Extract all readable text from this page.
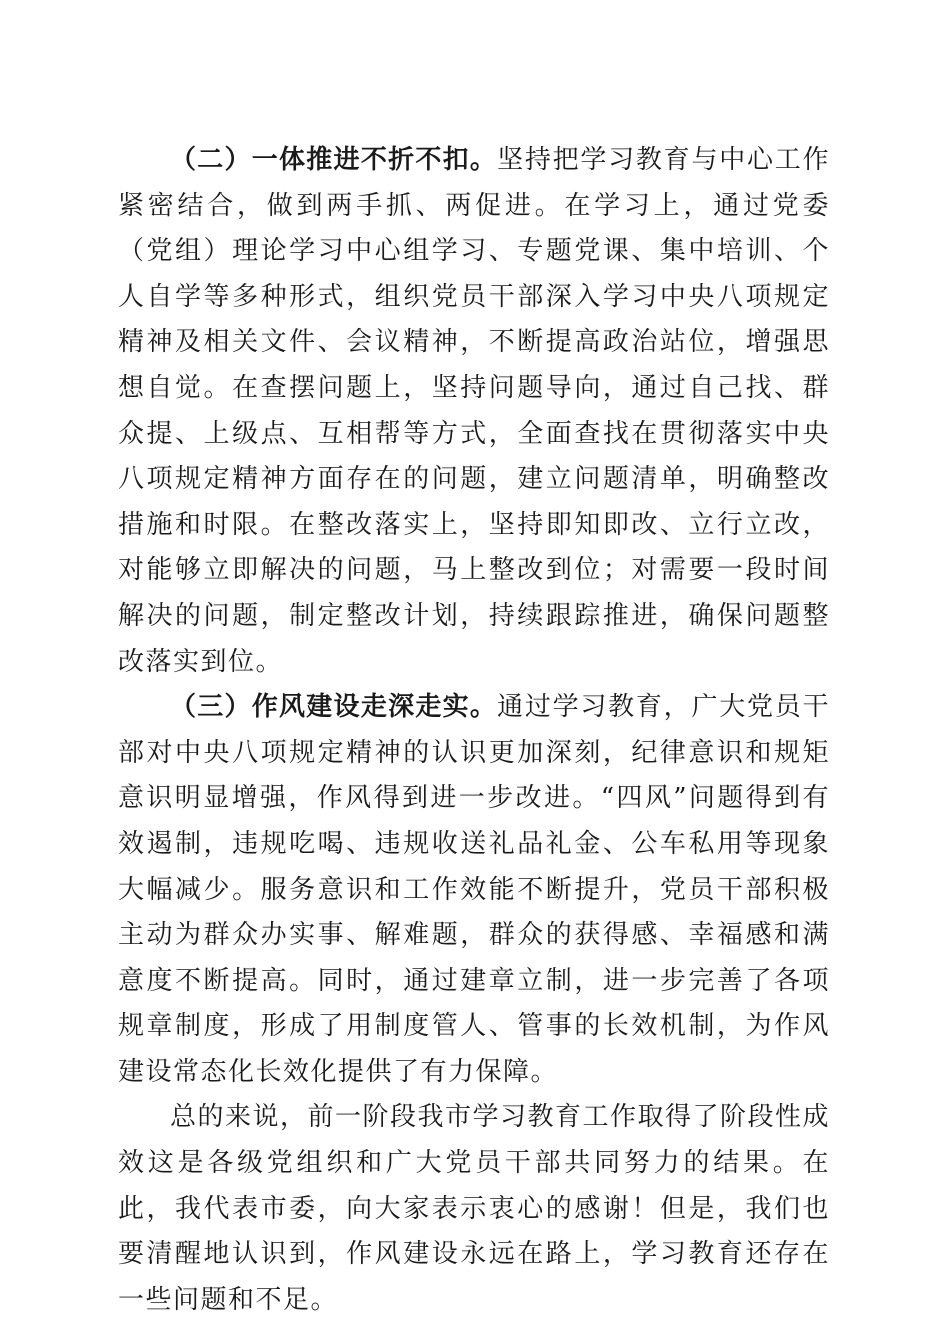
（二）一体推进不折不扣。坚持把学习教育与中心工作紧密结合，做到两手抓、两促进。在学习上，通过党委（党组）理论学习中心组学习、专题党课、集中培训、个人自学等多种形式，组织党员干部深入学习中央八项规定精神及相关文件、会议精神，不断提高政治站位，增强思想自觉。在查摆问题上，坚持问题导向，通过自己找、群众提、上级点、互相帮等方式，全面查找在贯彻落实中央八项规定精神方面存在的问题，建立问题清单，明确整改措施和时限。在整改落实上，坚持即知即改、立行立改，对能够立即解决的问题，马上整改到位；对需要一段时间解决的问题，制定整改计划，持续跟踪推进，确保问题整改落实到位。

（三）作风建设走深走实。通过学习教育，广大党员干部对中央八项规定精神的认识更加深刻，纪律意识和规矩意识明显增强，作风得到进一步改进。“四风”问题得到有效遏制，违规吃喝、违规收送礼品礼金、公车私用等现象大幅减少。服务意识和工作效能不断提升，党员干部积极主动为群众办实事、解难题，群众的获得感、幸福感和满意度不断提高。同时，通过建章立制，进一步完善了各项规章制度，形成了用制度管人、管事的长效机制，为作风建设常态化长效化提供了有力保障。

总的来说，前一阶段我市学习教育工作取得了阶段性成效这是各级党组织和广大党员干部共同努力的结果。在此，我代表市委，向大家表示衷心的感谢！但是，我们也要清醒地认识到，作风建设永远在路上，学习教育还存在一些问题和不足。
